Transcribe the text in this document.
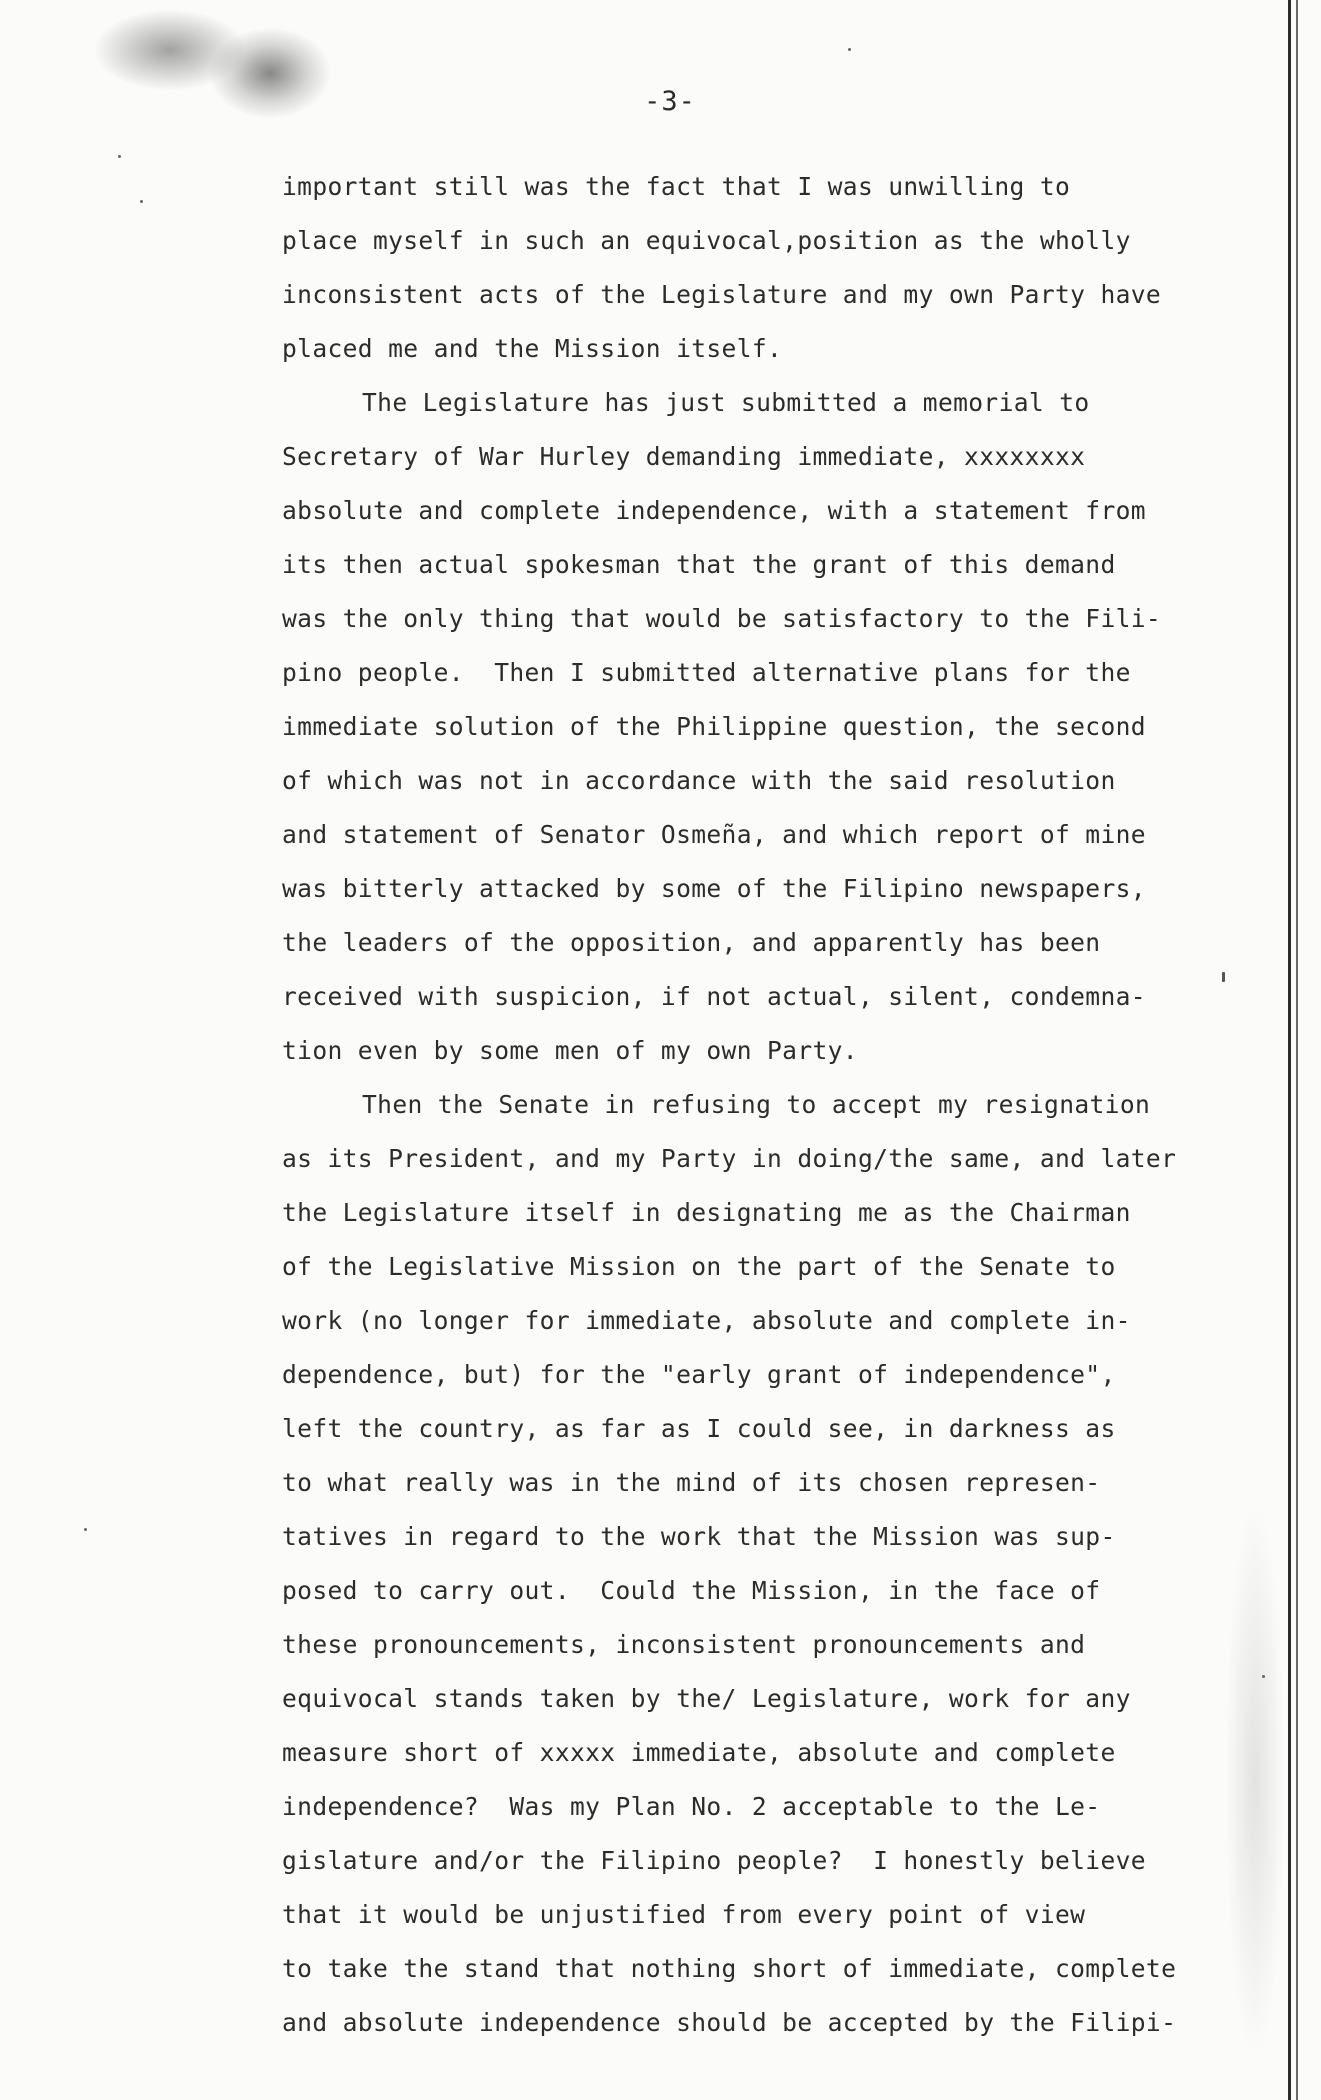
-3-
important still was the fact that I was unwilling to
place myself in such an equivocal,position as the wholly
inconsistent acts of the Legislature and my own Party have
placed me and the Mission itself.
The Legislature has just submitted a memorial to
Secretary of War Hurley demanding immediate, xxxxxxxx
absolute and complete independence, with a statement from
its then actual spokesman that the grant of this demand
was the only thing that would be satisfactory to the Fili-
pino people.  Then I submitted alternative plans for the
immediate solution of the Philippine question, the second
of which was not in accordance with the said resolution
and statement of Senator Osmeña, and which report of mine
was bitterly attacked by some of the Filipino newspapers,
the leaders of the opposition, and apparently has been
received with suspicion, if not actual, silent, condemna-
tion even by some men of my own Party.
Then the Senate in refusing to accept my resignation
as its President, and my Party in doing/the same, and later
the Legislature itself in designating me as the Chairman
of the Legislative Mission on the part of the Senate to
work (no longer for immediate, absolute and complete in-
dependence, but) for the "early grant of independence",
left the country, as far as I could see, in darkness as
to what really was in the mind of its chosen represen-
tatives in regard to the work that the Mission was sup-
posed to carry out.  Could the Mission, in the face of
these pronouncements, inconsistent pronouncements and
equivocal stands taken by the/ Legislature, work for any
measure short of xxxxx immediate, absolute and complete
independence?  Was my Plan No. 2 acceptable to the Le-
gislature and/or the Filipino people?  I honestly believe
that it would be unjustified from every point of view
to take the stand that nothing short of immediate, complete
and absolute independence should be accepted by the Filipi-
